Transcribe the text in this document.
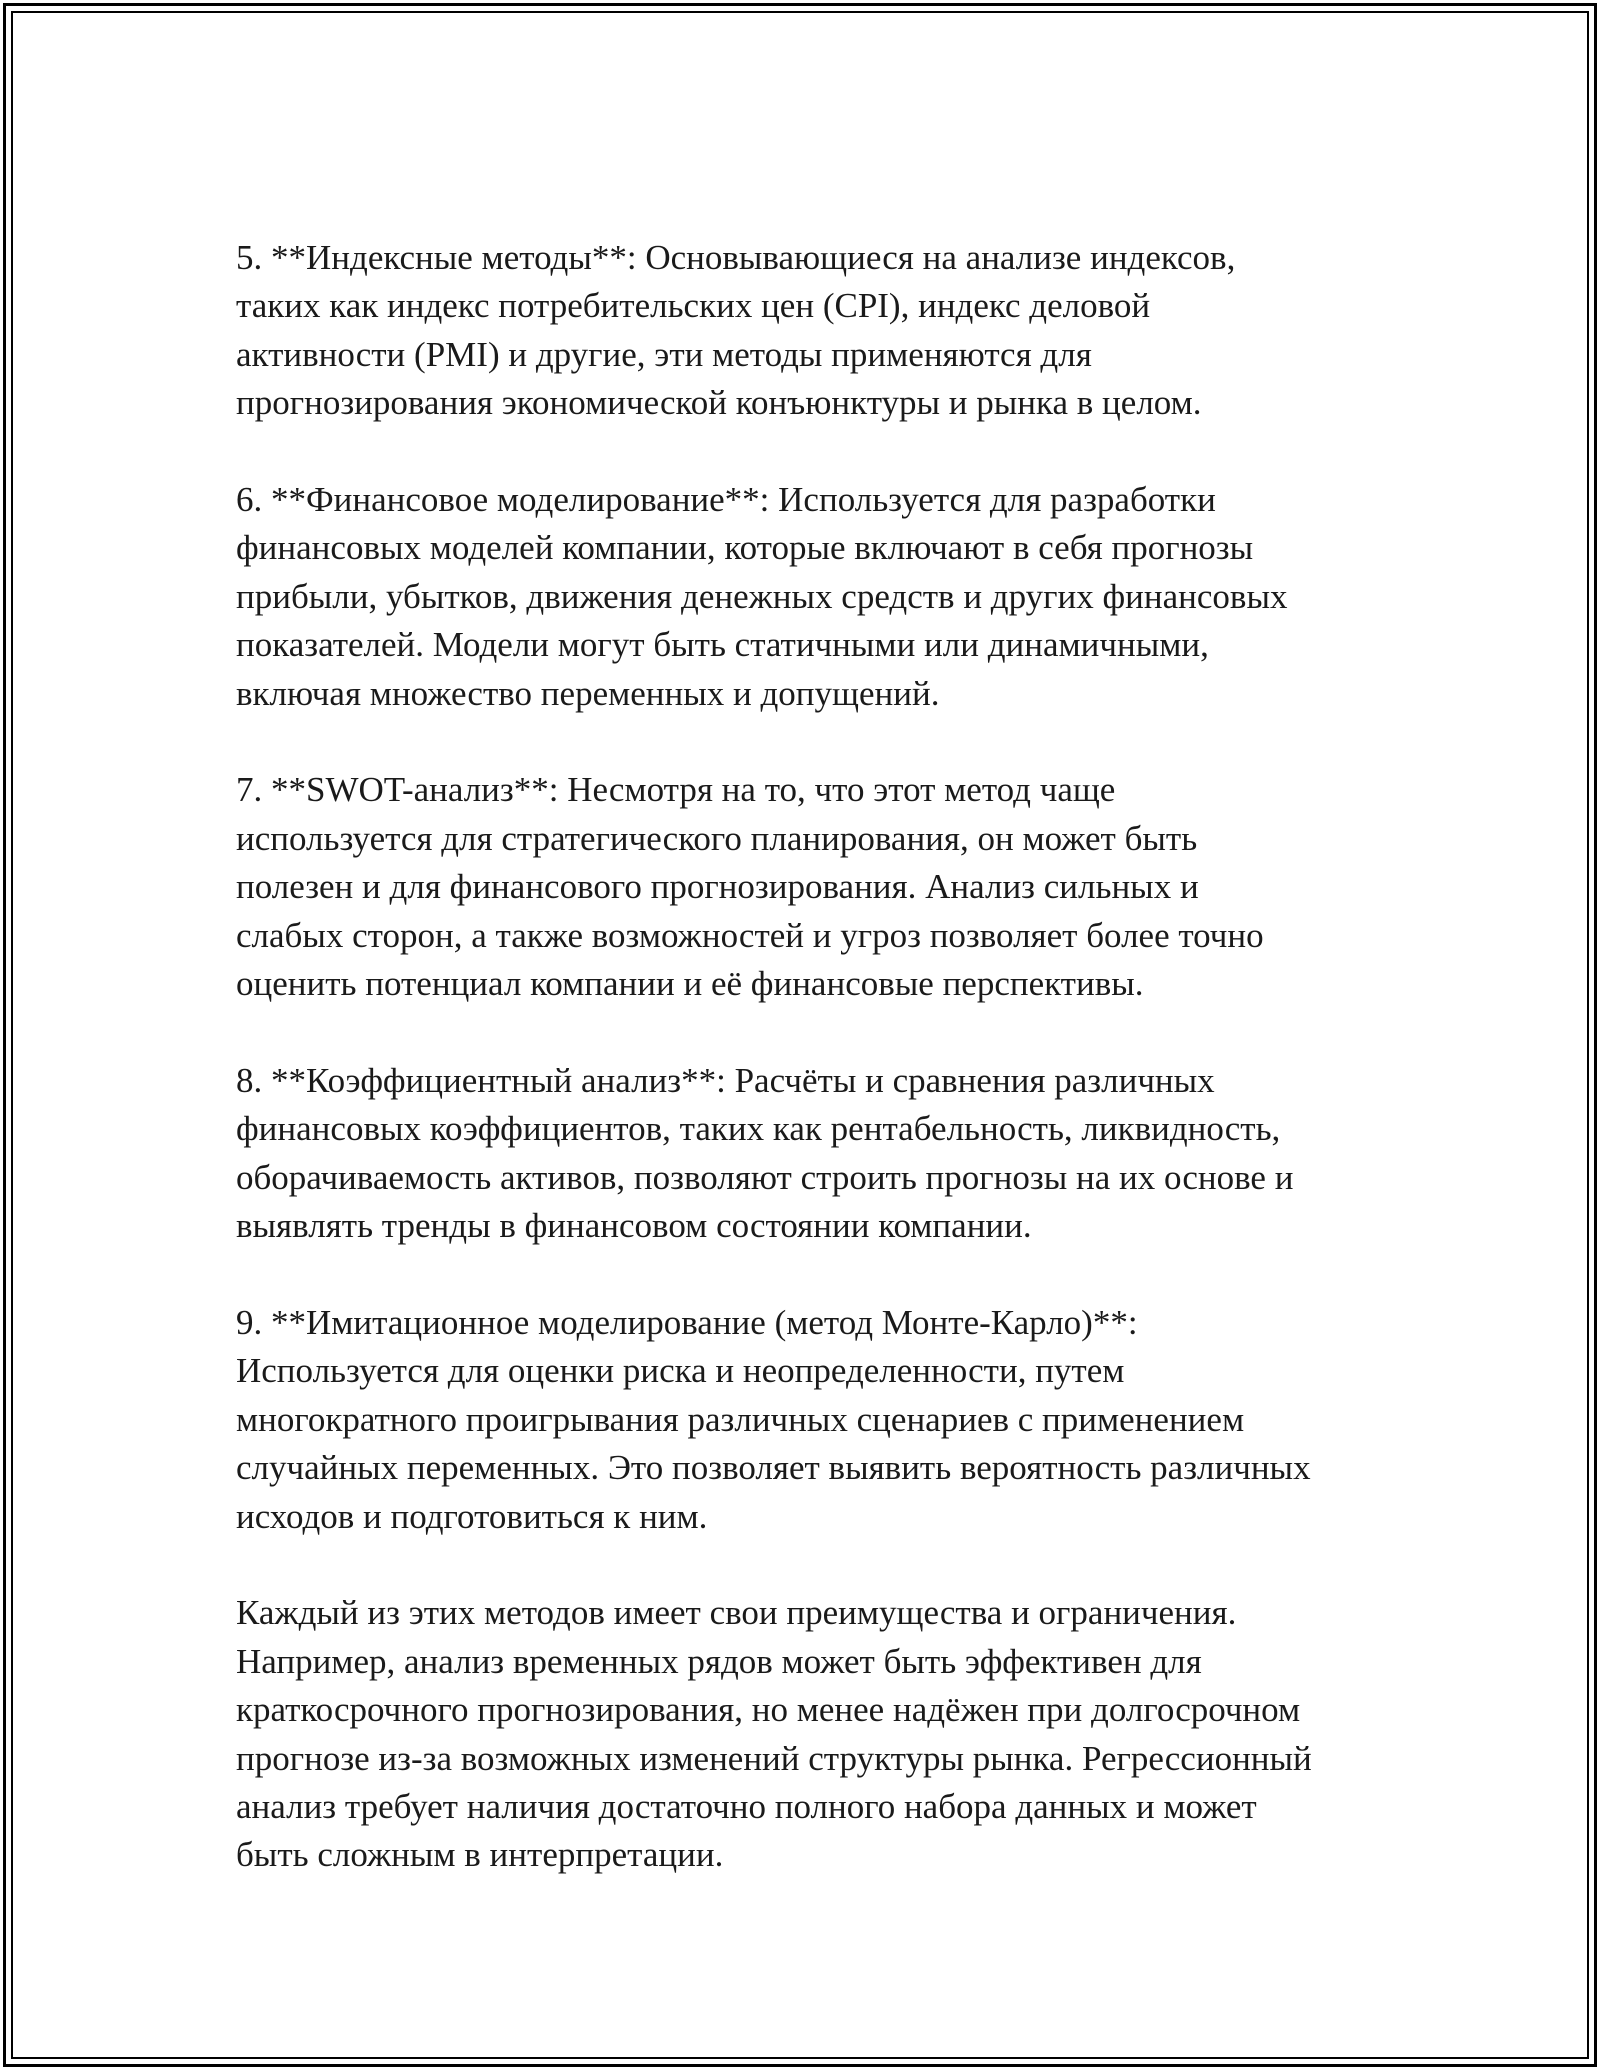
5. **Индексные методы**: Основывающиеся на анализе индексов,
таких как индекс потребительских цен (CPI), индекс деловой
активности (PMI) и другие, эти методы применяются для
прогнозирования экономической конъюнктуры и рынка в целом.

6. **Финансовое моделирование**: Используется для разработки
финансовых моделей компании, которые включают в себя прогнозы
прибыли, убытков, движения денежных средств и других финансовых
показателей. Модели могут быть статичными или динамичными,
включая множество переменных и допущений.

7. **SWOT-анализ**: Несмотря на то, что этот метод чаще
используется для стратегического планирования, он может быть
полезен и для финансового прогнозирования. Анализ сильных и
слабых сторон, а также возможностей и угроз позволяет более точно
оценить потенциал компании и её финансовые перспективы.

8. **Коэффициентный анализ**: Расчёты и сравнения различных
финансовых коэффициентов, таких как рентабельность, ликвидность,
оборачиваемость активов, позволяют строить прогнозы на их основе и
выявлять тренды в финансовом состоянии компании.

9. **Имитационное моделирование (метод Монте-Карло)**:
Используется для оценки риска и неопределенности, путем
многократного проигрывания различных сценариев с применением
случайных переменных. Это позволяет выявить вероятность различных
исходов и подготовиться к ним.

Каждый из этих методов имеет свои преимущества и ограничения.
Например, анализ временных рядов может быть эффективен для
краткосрочного прогнозирования, но менее надёжен при долгосрочном
прогнозе из-за возможных изменений структуры рынка. Регрессионный
анализ требует наличия достаточно полного набора данных и может
быть сложным в интерпретации.
